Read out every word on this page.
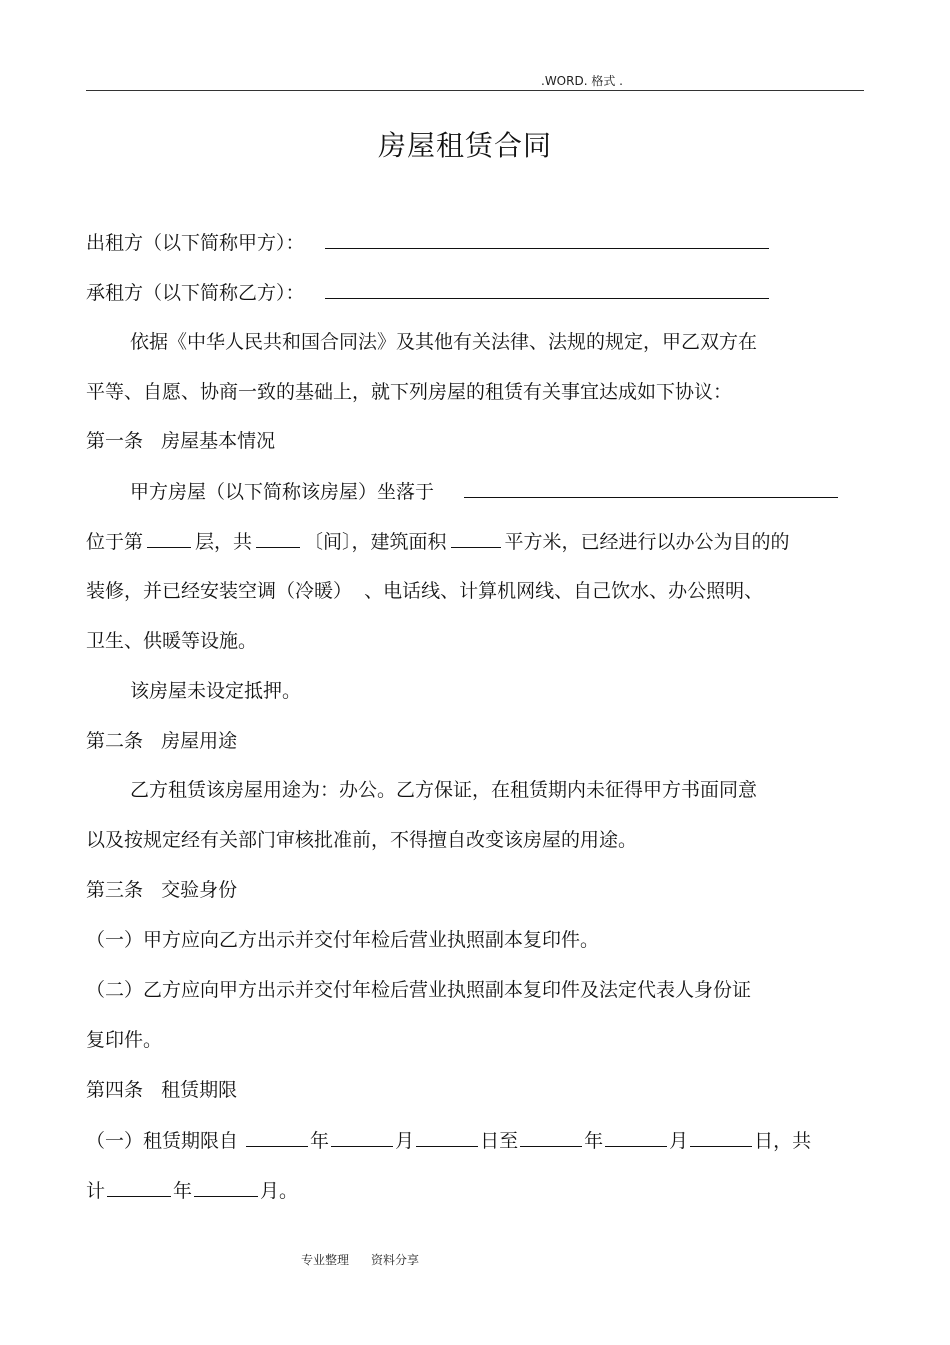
.WORD. 格式 .
房屋租赁合同
出租方（以下简称甲方）：
承租方（以下简称乙方）：
依据《中华人民共和国合同法》及其他有关法律、法规的规定，甲乙双方在
平等、自愿、协商一致的基础上，就下列房屋的租赁有关事宜达成如下协议：
第一条   房屋基本情况
甲方房屋（以下简称该房屋）坐落于
位于第	层，共	〔间〕，建筑面积	平方米，已经进行以办公为目的的
装修，并已经安装空调（冷暖）  、电话线、计算机网线、自己饮水、办公照明、
卫生、供暖等设施。
该房屋未设定抵押。
第二条   房屋用途
乙方租赁该房屋用途为：办公。乙方保证，在租赁期内未征得甲方书面同意
以及按规定经有关部门审核批准前，不得擅自改变该房屋的用途。
第三条   交验身份
（一）甲方应向乙方出示并交付年检后营业执照副本复印件。
（二）乙方应向甲方出示并交付年检后营业执照副本复印件及法定代表人身份证
复印件。
第四条   租赁期限
（一）租赁期限自	年	月	日至	年	月	日，共
计	年	月。
专业整理 资料分享
